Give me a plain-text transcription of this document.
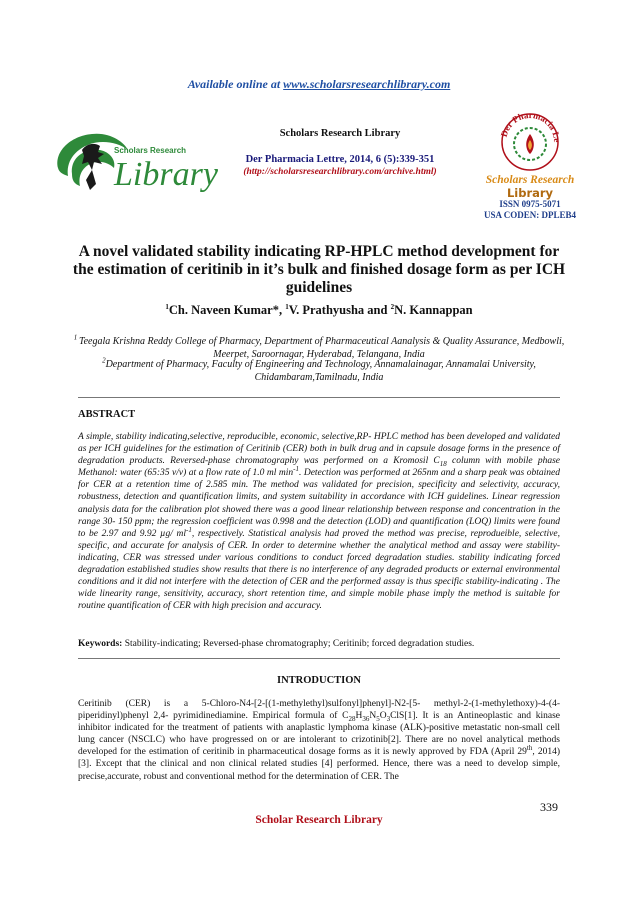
Available online at www.scholarsresearchlibrary.com
Scholars Research
Library
Scholars Research Library
Der Pharmacia Lettre, 2014, 6 (5):339-351
(http://scholarsresearchlibrary.com/archive.html)
Der Pharmacia Le
Scholars Research
Library
ISSN 0975-5071
USA CODEN: DPLEB4
A novel validated stability indicating RP-HPLC method development for the estimation of ceritinib in it’s bulk and finished dosage form as per ICH guidelines
$^1$Ch. Naveen Kumar*, $^1$V. Prathyusha and $^2$N. Kannappan
$^1$ Teegala Krishna Reddy College of Pharmacy, Department of Pharmaceutical Aanalysis & Quality Assurance, Medbowli, Meerpet, Saroornagar, Hyderabad, Telangana, India
$^2$Department of Pharmacy, Faculty of Engineering and Technology, Annamalainagar, Annamalai University, Chidambaram,Tamilnadu, India
ABSTRACT
A simple, stability indicating,selective, reproducible, economic, selective,RP- HPLC method has been developed and validated as per ICH guidelines for the estimation of Ceritinib (CER) both in bulk drug and in capsule dosage forms in the presence of degradation products. Reversed-phase chromatography was performed on a Kromosil $C_{18}$ column with mobile phase Methanol: water (65:35 v/v) at a flow rate of 1.0 ml $\min^{-1}$. Detection was performed at 265nm and a sharp peak was obtained for CER at a retention time of 2.585 min. The method was validated for precision, specificity and selectivity, accuracy, robustness, detection and quantification limits, and system suitability in accordance with ICH guidelines. Linear regression analysis data for the calibration plot showed there was a good linear relationship between response and concentration in the range 30- 150 ppm; the regression coefficient was 0.998 and the detection (LOD) and quantification (LOQ) limits were found to be 2.97 and 9.92 µg/ $ml^{-1}$, respectively. Statistical analysis had proved the method was precise, reprodueible, selective, specific, and accurate for analysis of CER. In order to determine whether the analytical method and assay were stability-indicating, CER was stressed under various conditions to conduct forced degradation studies. stability indicating forced degradation established studies show results that there is no interference of any degraded products or external environmental conditions and it did not interfere with the detection of CER and the performed assay is thus specific stability-indicating . The wide linearity range, sensitivity, accuracy, short retention time, and simple mobile phase imply the method is suitable for routine quantification of CER with high precision and accuracy.
Keywords: Stability-indicating; Reversed-phase chromatography; Ceritinib; forced degradation studies.
INTRODUCTION
Ceritinib (CER) is a 5-Chloro-N4-[2-[(1-methylethyl)sulfonyl]phenyl]-N2-[5- methyl-2-(1-methylethoxy)-4-(4-piperidinyl)phenyl 2,4- pyrimidinediamine. Empirical formula of $C_{28}H_{36}N_5O_3ClS[1]$. It is an Antineoplastic and kinase inhibitor indicated for the treatment of patients with anaplastic lymphoma kinase (ALK)-positive metastatic non-small cell lung cancer (NSCLC) who have progressed on or are intolerant to crizotinib[2]. There are no novel analytical methods developed for the estimation of ceritinib in pharmaceutical dosage forms as it is newly approved by FDA (April 29th, 2014)[3]. Except that the clinical and non clinical related studies [4] performed. Hence, there was a need to develop simple, precise,accurate, robust and conventional method for the determination of CER. The
339
Scholar Research Library
